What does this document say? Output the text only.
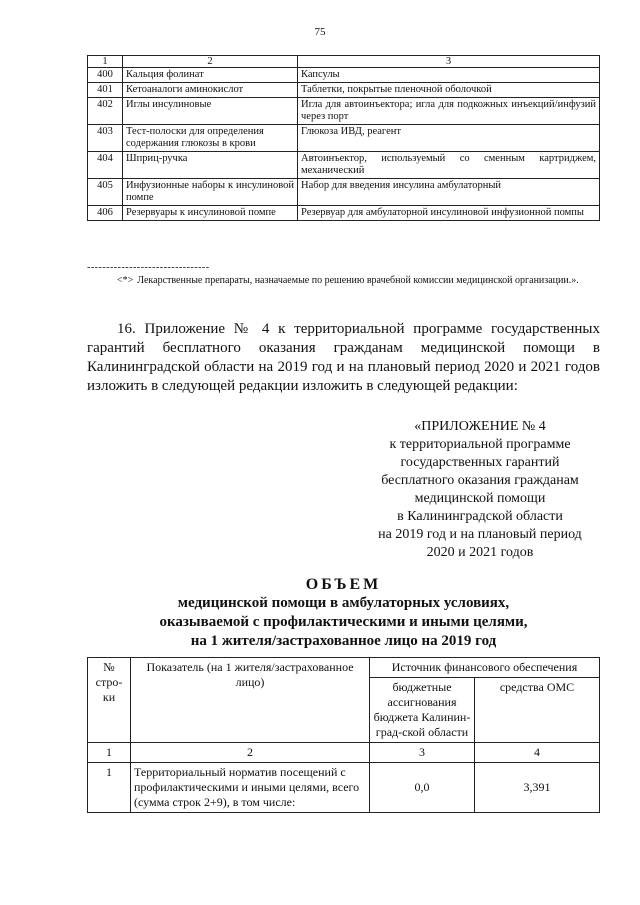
75
1	2	3
400	Кальция фолинат	Капсулы
401	Кетоаналоги аминокислот	Таблетки, покрытые пленочной оболочкой
402	Иглы инсулиновые	Игла для автоинъектора; игла для подкожных инъекций/инфузий через порт
403	Тест-полоски для определения содержания глюкозы в крови	Глюкоза ИВД, реагент
404	Шприц-ручка	Автоинъектор, используемый со сменным картриджем, механический
405	Инфузионные наборы к инсулиновой помпе	Набор для введения инсулина амбулаторный
406	Резервуары к инсулиновой помпе	Резервуар для амбулаторной инсулиновой инфузионной помпы
--------------------------------
<*> Лекарственные препараты, назначаемые по решению врачебной комиссии медицинской организации.».
16. Приложение № 4 к территориальной программе государственных гарантий бесплатного оказания гражданам медицинской помощи в Калининградской области на 2019 год и на плановый период 2020 и 2021 годов изложить в следующей редакции изложить в следующей редакции:
«ПРИЛОЖЕНИЕ № 4
к территориальной программе
государственных гарантий
бесплатного оказания гражданам
медицинской помощи
в Калининградской области
на 2019 год и на плановый период
2020 и 2021 годов
ОБЪЕМ
медицинской помощи в амбулаторных условиях,
оказываемой с профилактическими и иными целями,
на 1 жителя/застрахованное лицо на 2019 год
№ стро-ки	Показатель (на 1 жителя/застрахованное лицо)	Источник финансового обеспечения	
		бюджетные ассигнования бюджета Калинин-град-ской области	средства ОМС
1	2	3	4
1	Территориальный норматив посещений с профилактическими и иными целями, всего (сумма строк 2+9), в том числе:	0,0	3,391
